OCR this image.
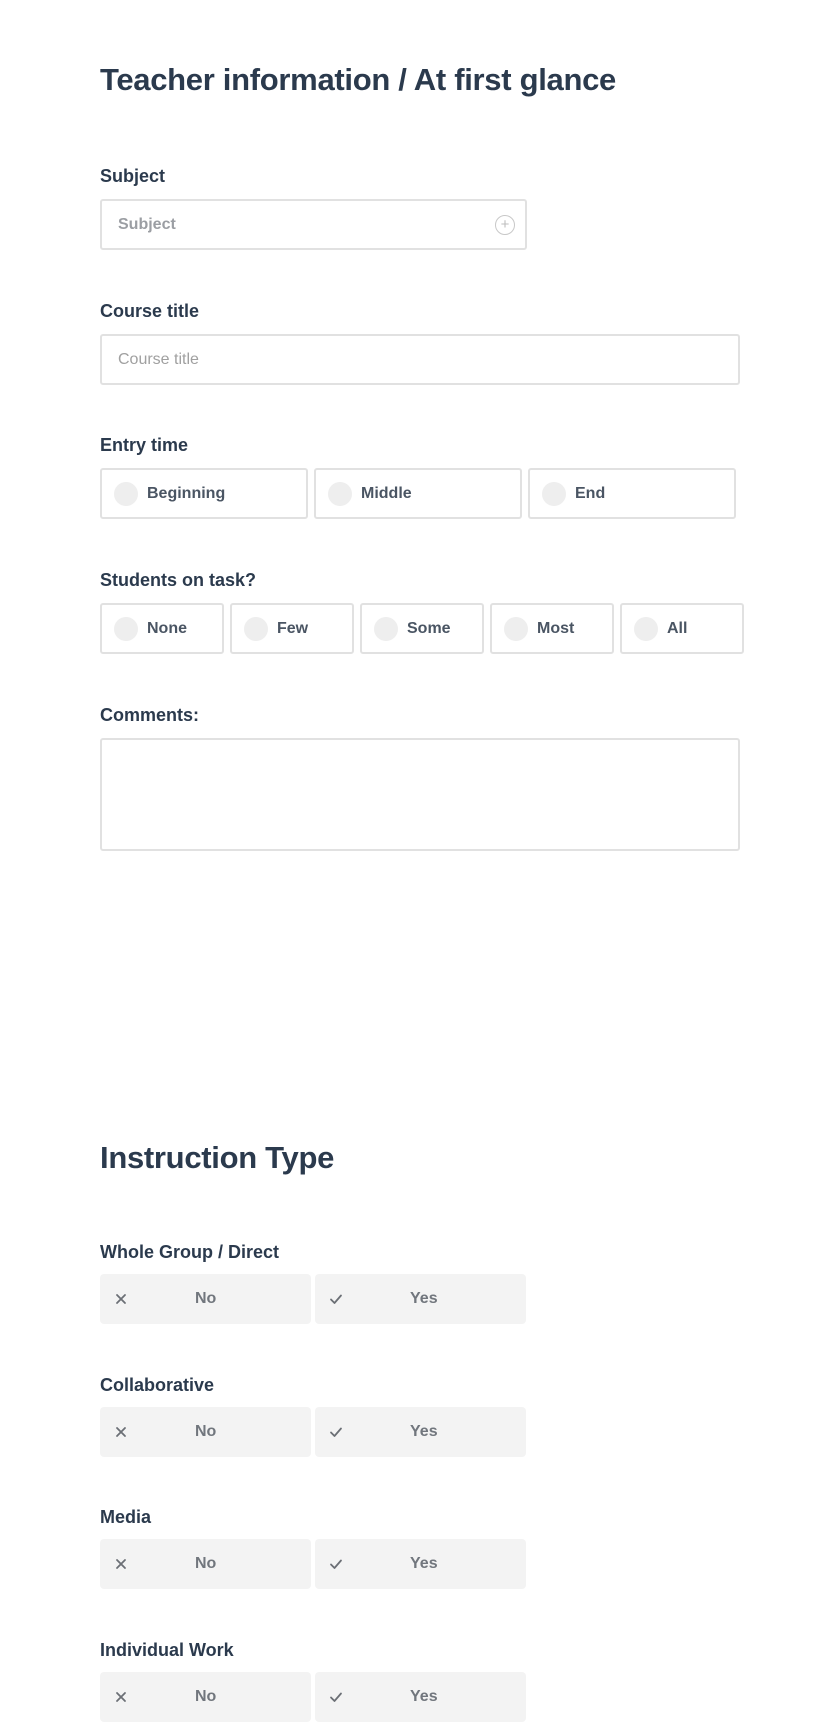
Teacher information / At first glance
Subject
Subject	+
Course title
Course title
Entry time
Beginning	Middle	End
Students on task?
None	Few	Some	Most	All
Comments:
Instruction Type
Whole Group / Direct
No	Yes
Collaborative
No	Yes
Media
No	Yes
Individual Work
No	Yes
